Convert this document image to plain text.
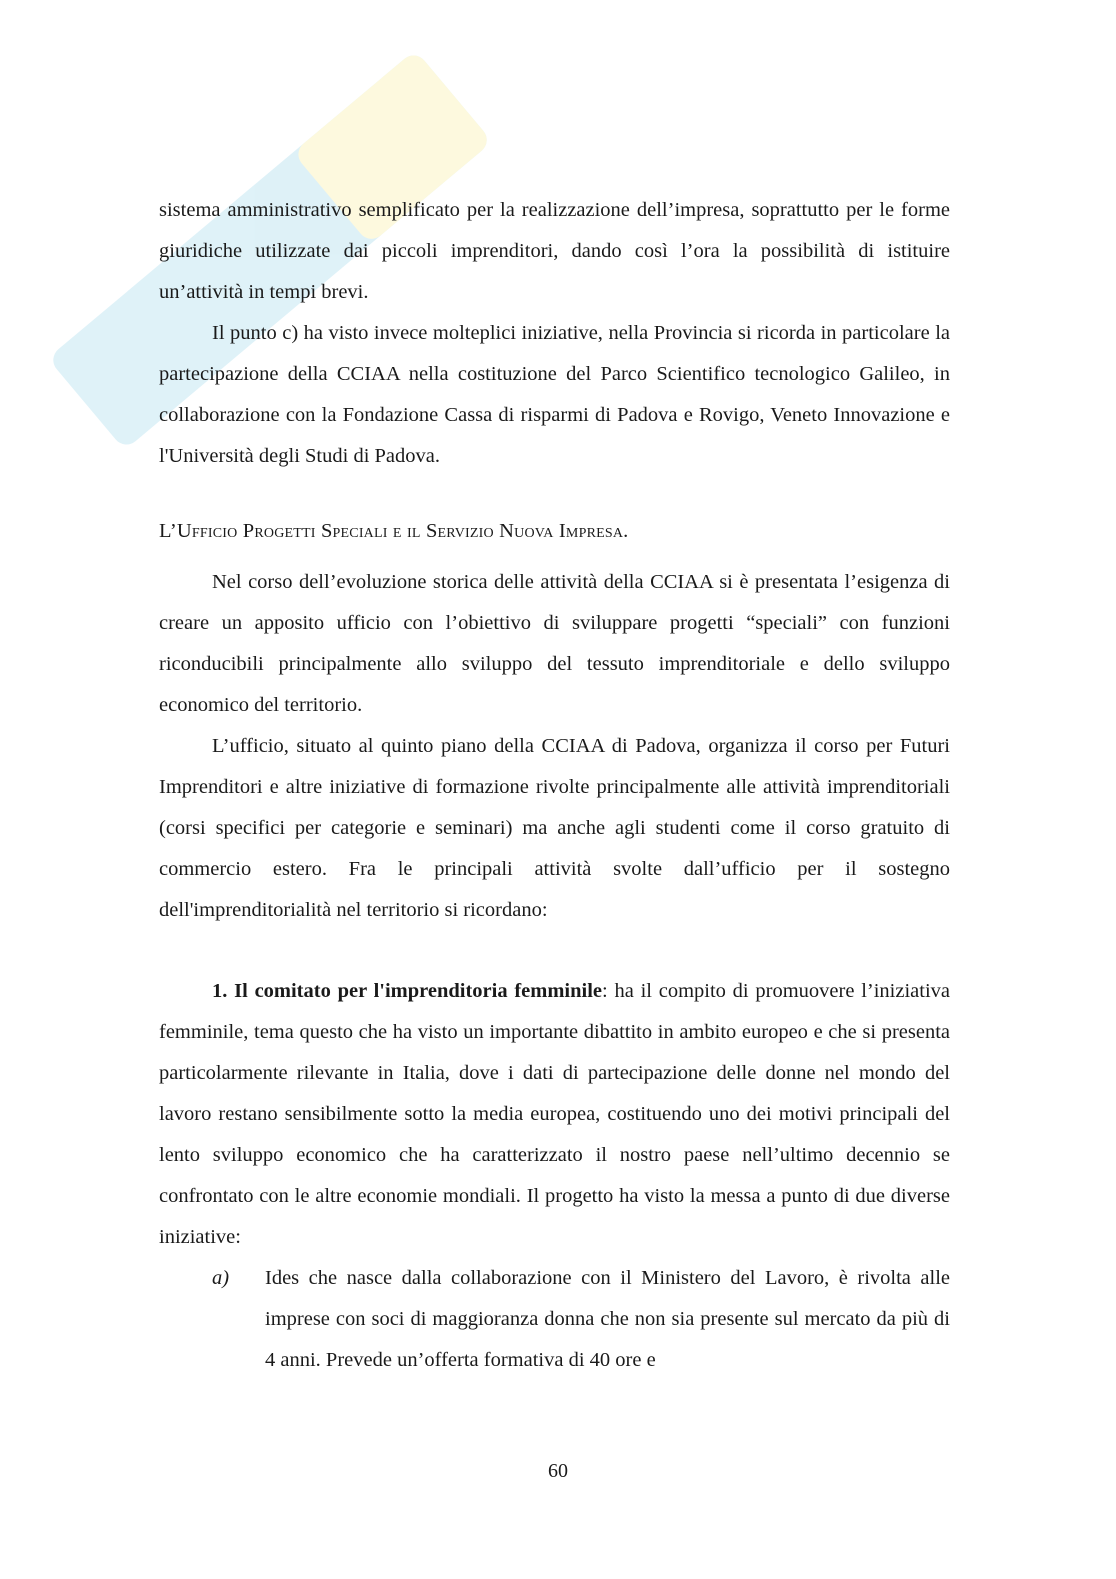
sistema amministrativo semplificato per la realizzazione dell’impresa, soprattutto per le forme giuridiche utilizzate dai piccoli imprenditori, dando così l’ora la possibilità di istituire un’attività in tempi brevi.

Il punto c) ha visto invece molteplici iniziative, nella Provincia si ricorda in particolare la partecipazione della CCIAA nella costituzione del Parco Scientifico tecnologico Galileo, in collaborazione con la Fondazione Cassa di risparmi di Padova e Rovigo, Veneto Innovazione e l'Università degli Studi di Padova.

L’Ufficio Progetti Speciali e il Servizio Nuova Impresa.

Nel corso dell’evoluzione storica delle attività della CCIAA si è presentata l’esigenza di creare un apposito ufficio con l’obiettivo di sviluppare progetti “speciali” con funzioni riconducibili principalmente allo sviluppo del tessuto imprenditoriale e dello sviluppo economico del territorio.

L’ufficio, situato al quinto piano della CCIAA di Padova, organizza il corso per Futuri Imprenditori e altre iniziative di formazione rivolte principalmente alle attività imprenditoriali (corsi specifici per categorie e seminari) ma anche agli studenti come il corso gratuito di commercio estero. Fra le principali attività svolte dall’ufficio per il sostegno dell'imprenditorialità nel territorio si ricordano:

1. Il comitato per l'imprenditoria femminile: ha il compito di promuovere l’iniziativa femminile, tema questo che ha visto un importante dibattito in ambito europeo e che si presenta particolarmente rilevante in Italia, dove i dati di partecipazione delle donne nel mondo del lavoro restano sensibilmente sotto la media europea, costituendo uno dei motivi principali del lento sviluppo economico che ha caratterizzato il nostro paese nell’ultimo decennio se confrontato con le altre economie mondiali. Il progetto ha visto la messa a punto di due diverse iniziative:

a)	Ides che nasce dalla collaborazione con il Ministero del Lavoro, è rivolta alle imprese con soci di maggioranza donna che non sia presente sul mercato da più di 4 anni. Prevede un’offerta formativa di 40 ore e
60
